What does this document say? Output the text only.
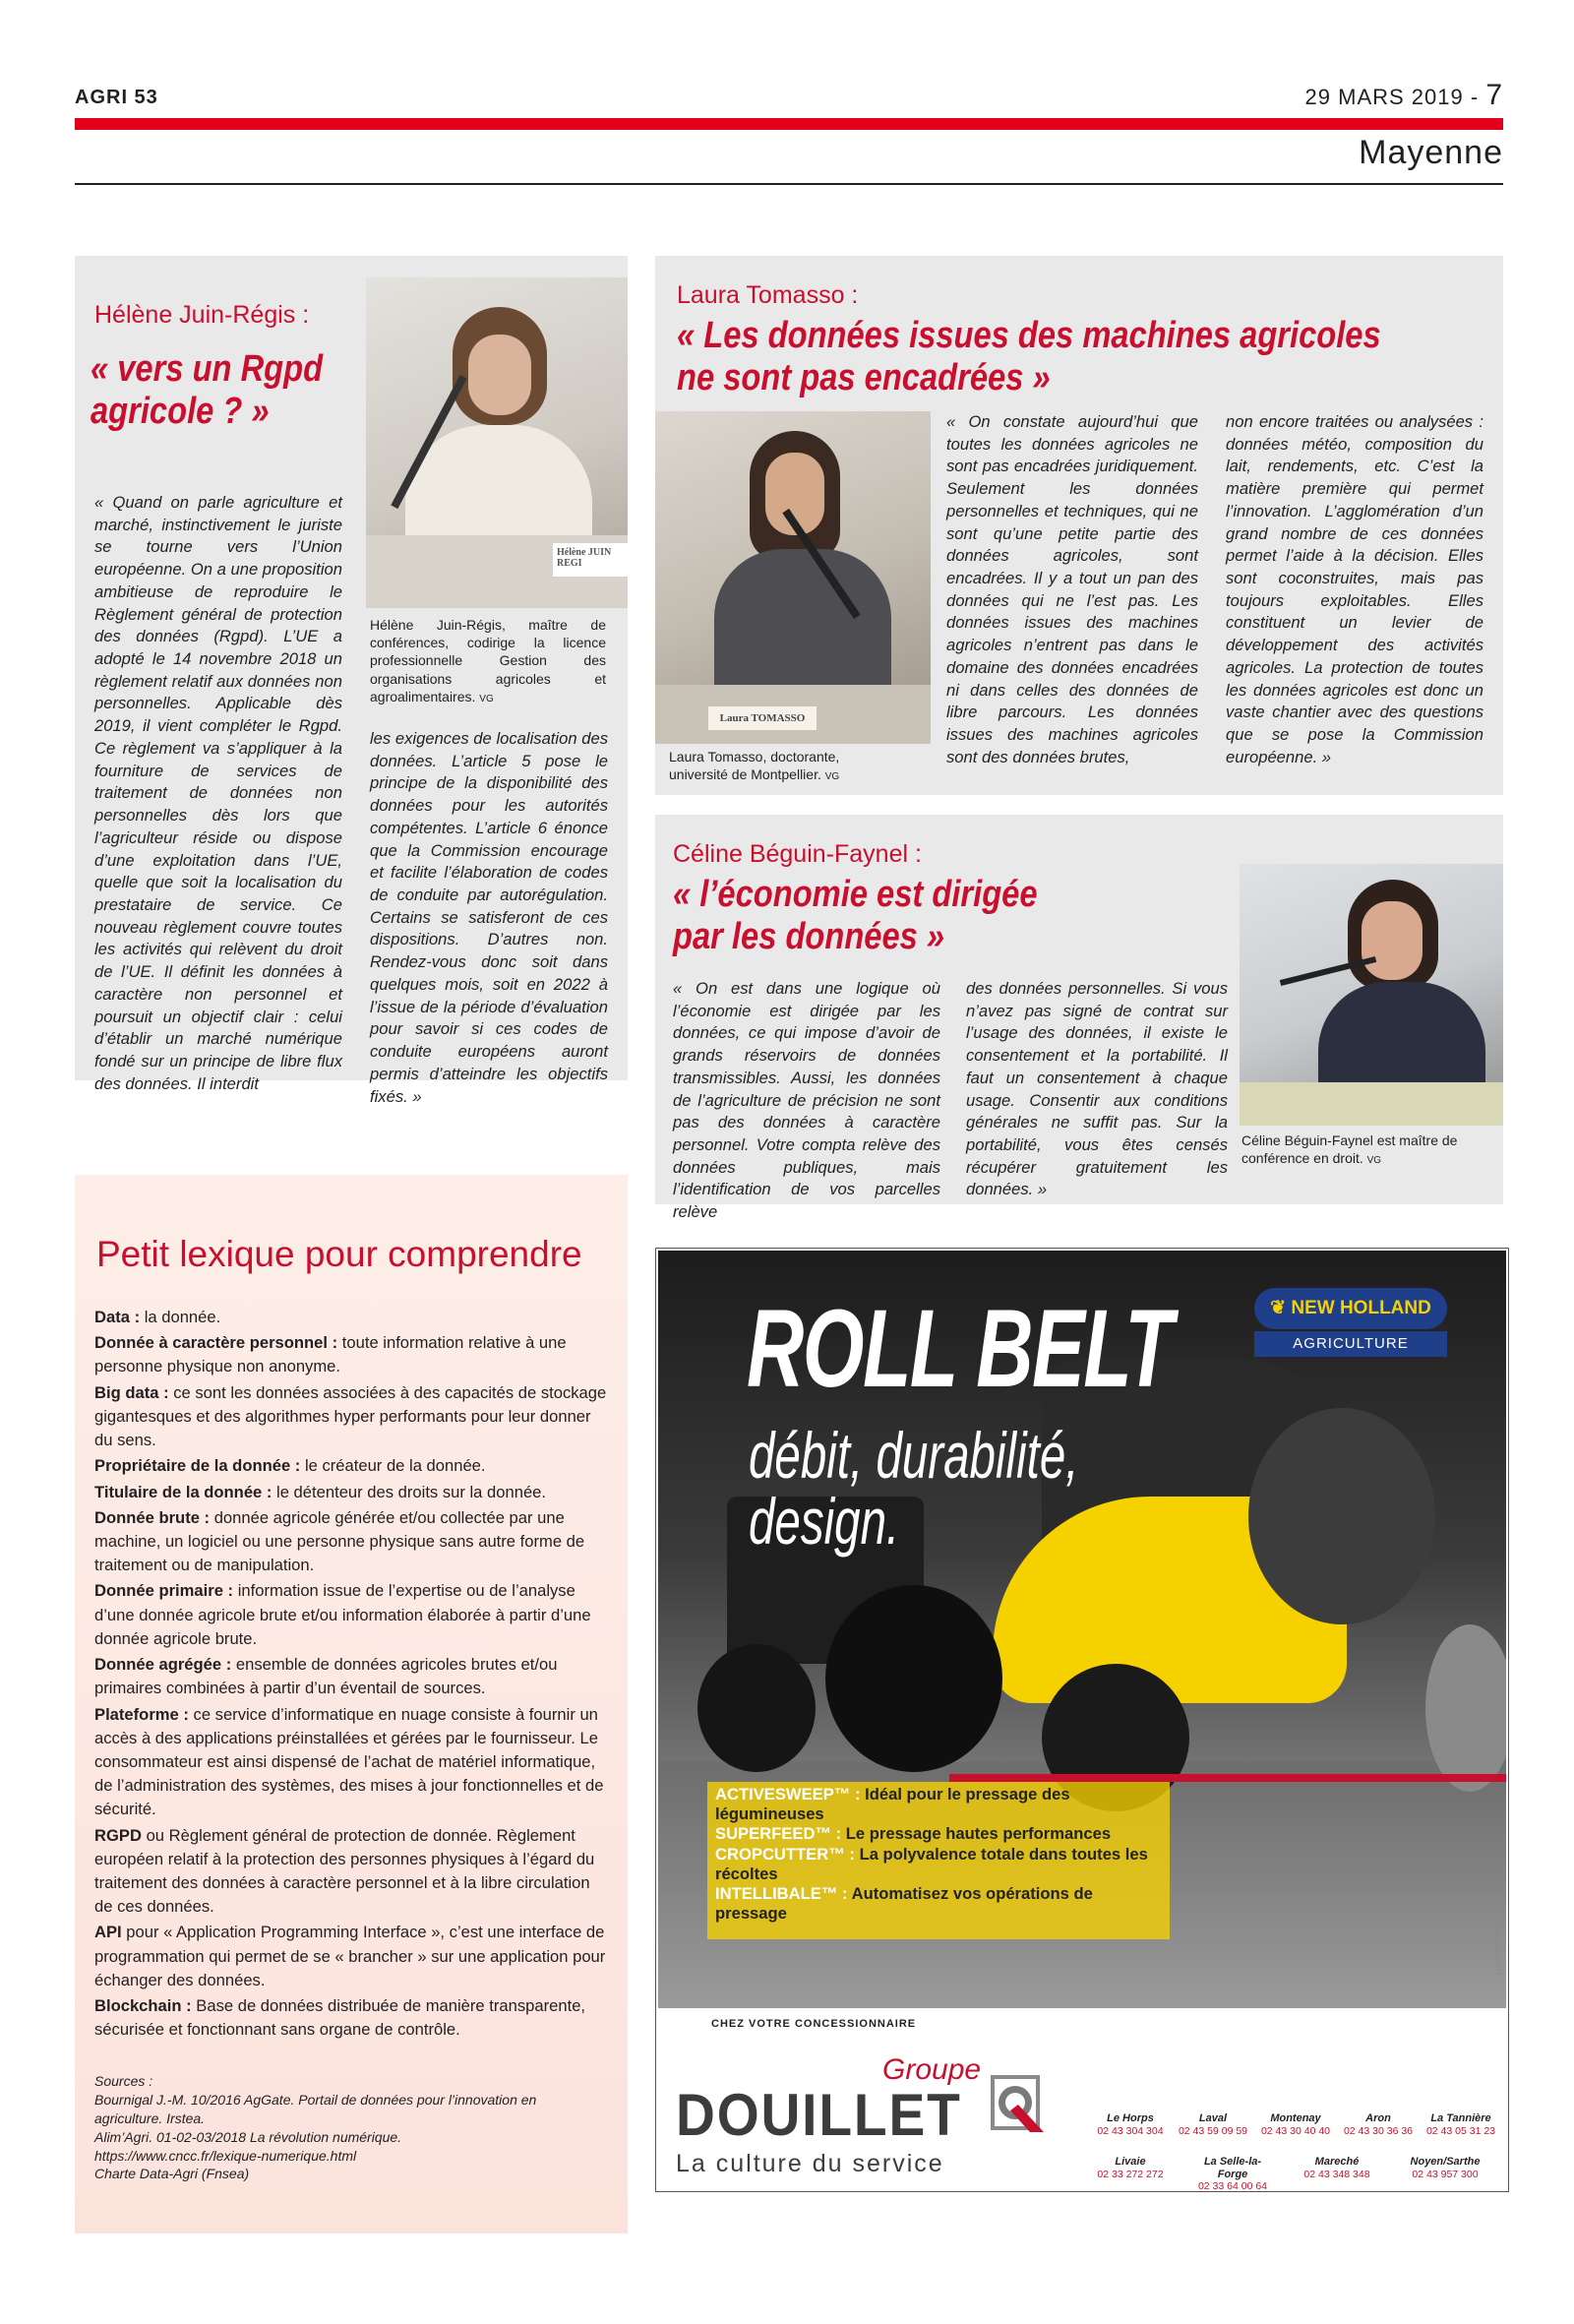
AGRI 53	29 MARS 2019 - 7
Mayenne
Hélène Juin-Régis :
« vers un Rgpd
agricole ? »
Hélène JUIN REGI
Hélène Juin-Régis, maître de conférences, codirige la licence professionnelle Gestion des organisations agricoles et agroalimentaires. VG
« Quand on parle agriculture et marché, instinctivement le juriste se tourne vers l’Union européenne. On a une proposition ambitieuse de reproduire le Règlement général de protection des données (Rgpd). L’UE a adopté le 14 novembre 2018 un règlement relatif aux données non personnelles. Applicable dès 2019, il vient compléter le Rgpd. Ce règlement va s’appliquer à la fourniture de services de traitement de données non personnelles dès lors que l’agriculteur réside ou dispose d’une exploitation dans l’UE, quelle que soit la localisation du prestataire de service. Ce nouveau règlement couvre toutes les activités qui relèvent du droit de l’UE. Il définit les données à caractère non personnel et poursuit un objectif clair : celui d’établir un marché numérique fondé sur un principe de libre flux des données. Il interdit
les exigences de localisation des données. L’article 5 pose le principe de la disponibilité des données pour les autorités compétentes. L’article 6 énonce que la Commission encourage et facilite l’élaboration de codes de conduite par autorégulation. Certains se satisferont de ces dispositions. D’autres non. Rendez-vous donc soit dans quelques mois, soit en 2022 à l’issue de la période d’évaluation pour savoir si ces codes de conduite européens auront permis d’atteindre les objectifs fixés. »
Laura Tomasso :
« Les données issues des machines agricoles
ne sont pas encadrées »
Laura TOMASSO
Laura Tomasso, doctorante, université de Montpellier. VG
« On constate aujourd’hui que toutes les données agricoles ne sont pas encadrées juridiquement. Seulement les données personnelles et techniques, qui ne sont qu’une petite partie des données agricoles, sont encadrées. Il y a tout un pan des données qui ne l’est pas. Les données issues des machines agricoles n’entrent pas dans le domaine des données encadrées ni dans celles des données de libre parcours. Les données issues des machines agricoles sont des données brutes,
non encore traitées ou analysées : données météo, composition du lait, rendements, etc. C’est la matière première qui permet l’innovation. L’agglomération d’un grand nombre de ces données permet l’aide à la décision. Elles sont coconstruites, mais pas toujours exploitables. Elles constituent un levier de développement des activités agricoles. La protection de toutes les données agricoles est donc un vaste chantier avec des questions que se pose la Commission européenne. »
Céline Béguin-Faynel :
« l’économie est dirigée
par les données »
« On est dans une logique où l’économie est dirigée par les données, ce qui impose d’avoir de grands réservoirs de données transmissibles. Aussi, les données de l’agriculture de précision ne sont pas des données à caractère personnel. Votre compta relève des données publiques, mais l’identification de vos parcelles relève
des données personnelles. Si vous n’avez pas signé de contrat sur l’usage des données, il existe le consentement et la portabilité. Il faut un consentement à chaque usage. Consentir aux conditions générales ne suffit pas. Sur la portabilité, vous êtes censés récupérer gratuitement les données. »
Céline Béguin-Faynel est maître de conférence en droit. VG
Petit lexique pour comprendre

Data : la donnée.

Donnée à caractère personnel : toute information relative à une personne physique non anonyme.

Big data : ce sont les données associées à des capacités de stockage gigantesques et des algorithmes hyper performants pour leur donner du sens.

Propriétaire de la donnée : le créateur de la donnée.

Titulaire de la donnée : le détenteur des droits sur la donnée.

Donnée brute : donnée agricole générée et/ou collectée par une machine, un logiciel ou une personne physique sans autre forme de traitement ou de manipulation.

Donnée primaire : information issue de l’expertise ou de l’analyse d’une donnée agricole brute et/ou information élaborée à partir d’une donnée agricole brute.

Donnée agrégée : ensemble de données agricoles brutes et/ou primaires combinées à partir d’un éventail de sources.

Plateforme : ce service d’informatique en nuage consiste à fournir un accès à des applications préinstallées et gérées par le fournisseur. Le consommateur est ainsi dispensé de l’achat de matériel informatique, de l’administration des systèmes, des mises à jour fonctionnelles et de sécurité.

RGPD ou Règlement général de protection de donnée. Règlement européen relatif à la protection des personnes physiques à l’égard du traitement des données à caractère personnel et à la libre circulation de ces données.

API pour « Application Programming Interface », c’est une interface de programmation qui permet de se « brancher » sur une application pour échanger des données.

Blockchain : Base de données distribuée de manière transparente, sécurisée et fonctionnant sans organe de contrôle.

Sources :
Bournigal J.-M. 10/2016 AgGate. Portail de données pour l’innovation en agriculture. Irstea.
Alim’Agri. 01-02-03/2018 La révolution numérique.
https://www.cncc.fr/lexique-numerique.html
Charte Data-Agri (Fnsea)
ROLL BELT
débit, durabilité,
design.
❦ NEW HOLLAND
AGRICULTURE
ACTIVESWEEP™ : Idéal pour le pressage des légumineuses
SUPERFEED™ : Le pressage hautes performances
CROPCUTTER™ : La polyvalence totale dans toutes les récoltes
INTELLIBALE™ : Automatisez vos opérations de pressage
RUSH&CONCEPT
CHEZ VOTRE CONCESSIONNAIRE
Groupe
DOUILLET
La culture du service
Le Horps
02 43 304 304
Laval
02 43 59 09 59
Montenay
02 43 30 40 40
Aron
02 43 30 36 36
La Tannière
02 43 05 31 23
Livaie
02 33 272 272
La Selle-la-Forge
02 33 64 00 64
Mareché
02 43 348 348
Noyen/Sarthe
02 43 957 300
